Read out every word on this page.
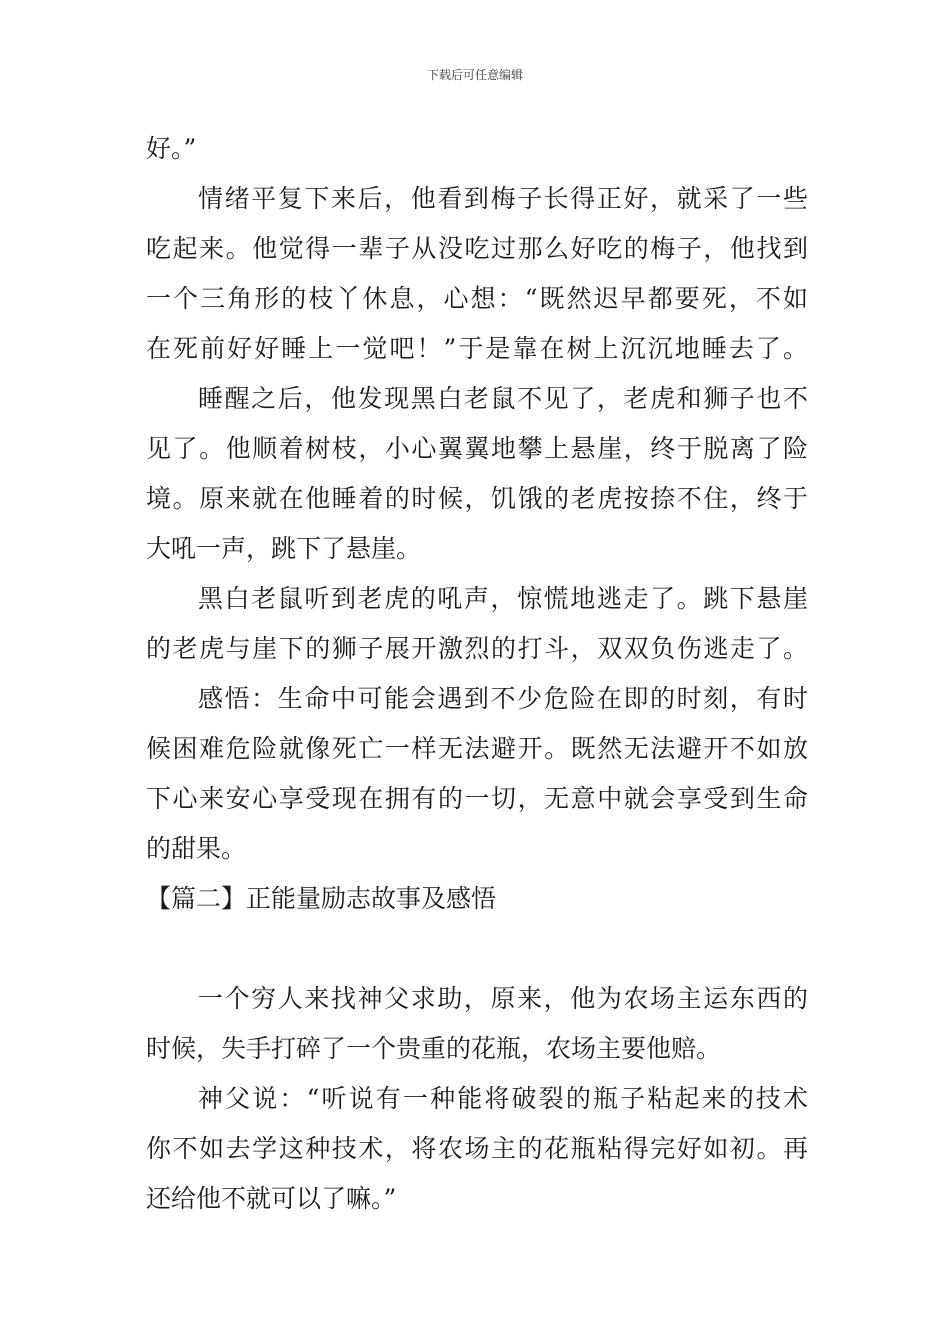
下载后可任意编辑
好。”
情绪平复下来后，他看到梅子长得正好，就采了一些
吃起来。他觉得一辈子从没吃过那么好吃的梅子，他找到
一个三角形的枝丫休息，心想：“既然迟早都要死，不如
在死前好好睡上一觉吧！”于是靠在树上沉沉地睡去了。
睡醒之后，他发现黑白老鼠不见了，老虎和狮子也不
见了。他顺着树枝，小心翼翼地攀上悬崖，终于脱离了险
境。原来就在他睡着的时候，饥饿的老虎按捺不住，终于
大吼一声，跳下了悬崖。
黑白老鼠听到老虎的吼声，惊慌地逃走了。跳下悬崖
的老虎与崖下的狮子展开激烈的打斗，双双负伤逃走了。
感悟：生命中可能会遇到不少危险在即的时刻，有时
候困难危险就像死亡一样无法避开。既然无法避开不如放
下心来安心享受现在拥有的一切，无意中就会享受到生命
的甜果。
【篇二】正能量励志故事及感悟
一个穷人来找神父求助，原来，他为农场主运东西的
时候，失手打碎了一个贵重的花瓶，农场主要他赔。
神父说：“听说有一种能将破裂的瓶子粘起来的技术
你不如去学这种技术，将农场主的花瓶粘得完好如初。再
还给他不就可以了嘛。”
